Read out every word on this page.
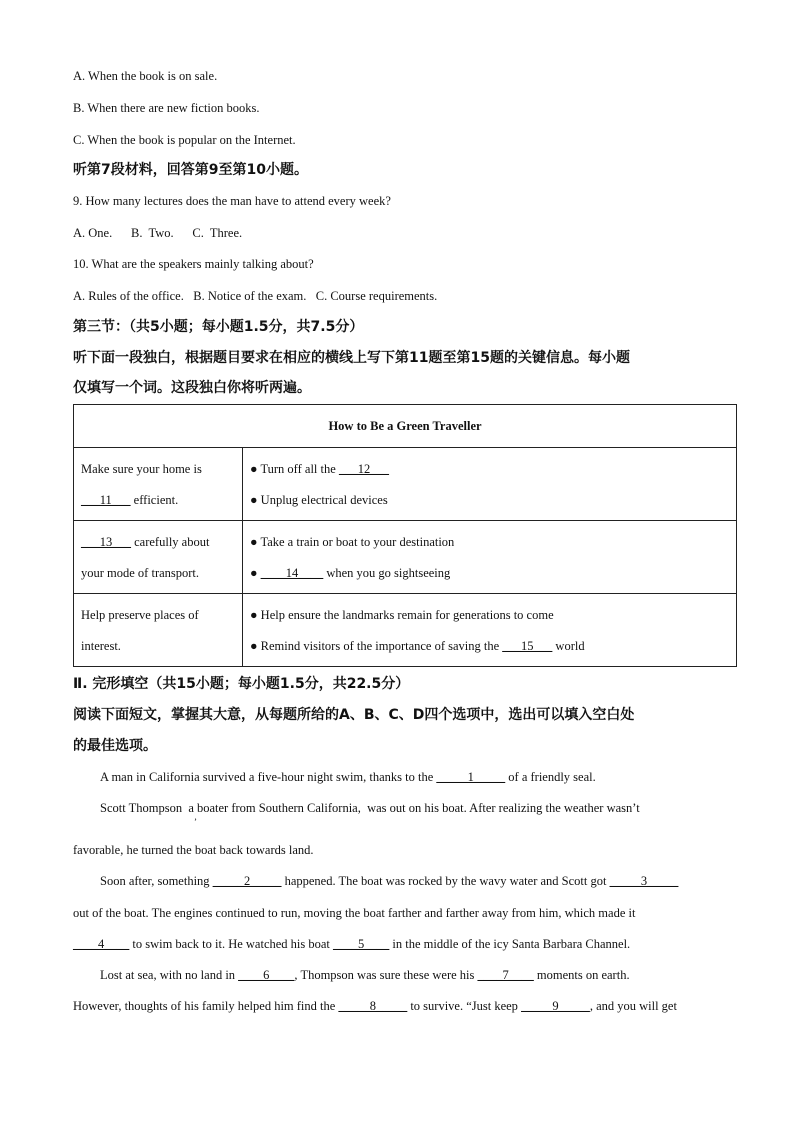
A. When the book is on sale.
B. When there are new fiction books.
C. When the book is popular on the Internet.
听第7段材料，回答第9至第10小题。
9. How many lectures does the man have to attend every week?
A. One.      B.  Two.      C.  Three.
10. What are the speakers mainly talking about?
A. Rules of the office.   B. Notice of the exam.   C. Course requirements.
第三节：（共5小题；每小题1.5分，共7.5分）
听下面一段独白，根据题目要求在相应的横线上写下第11题至第15题的关键信息。每小题
仅填写一个词。这段独白你将听两遍。
How to Be a Green Traveller	

Make sure your home is
___11___ efficient.	● Turn off all the ___12___
● Unplug electrical devices

___13___ carefully about
your mode of transport.	● Take a train or boat to your destination
● ____14____ when you go sightseeing

Help preserve places of
interest.	● Help ensure the landmarks remain for generations to come
● Remind visitors of the importance of saving the ___15___ world
Ⅱ. 完形填空（共15小题；每小题1.5分，共22.5分）
阅读下面短文，掌握其大意，从每题所给的A、B、C、D四个选项中，选出可以填入空白处
的最佳选项。
A man in California survived a five-hour night swim, thanks to the _____1_____ of a friendly seal.
Scott Thompson  a boater from Southern California,  was out on his boat. After realizing the weather wasn’t
’
favorable, he turned the boat back towards land.
Soon after, something _____2_____ happened. The boat was rocked by the wavy water and Scott got _____3_____
out of the boat. The engines continued to run, moving the boat farther and farther away from him, which made it
____4____ to swim back to it. He watched his boat ____5____ in the middle of the icy Santa Barbara Channel.
Lost at sea, with no land in ____6____, Thompson was sure these were his ____7____ moments on earth.
However, thoughts of his family helped him find the _____8_____ to survive. “Just keep _____9_____, and you will get
